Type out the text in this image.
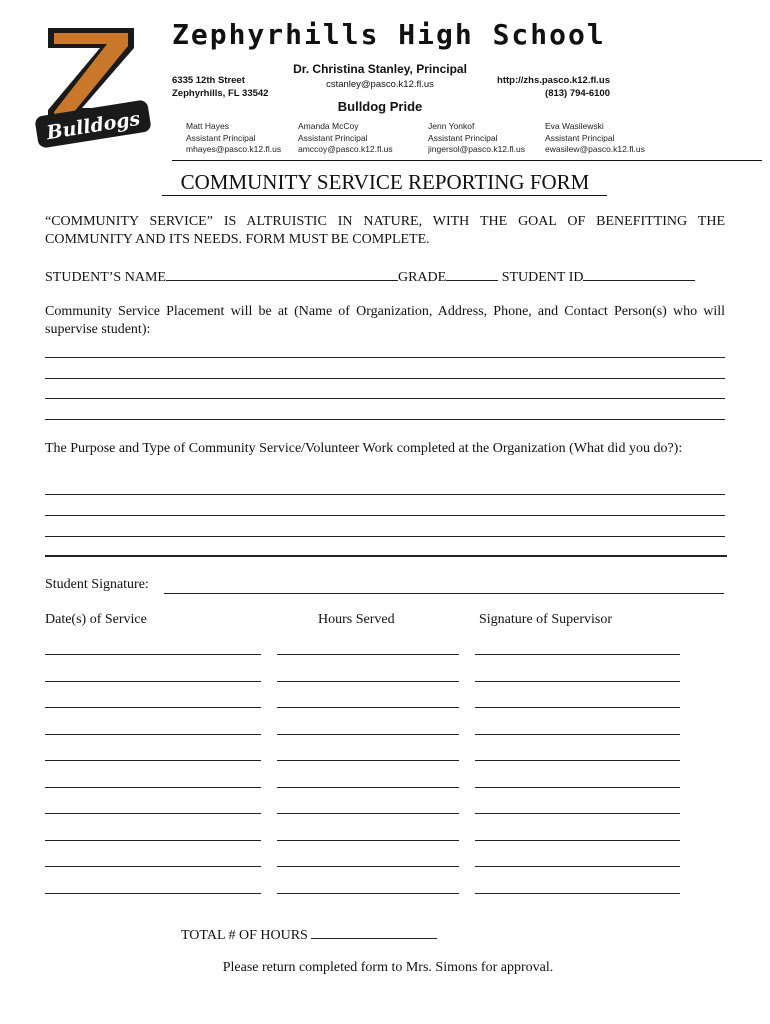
Bulldogs
Zephyrhills High School
6335 12th Street
Zephyrhills, FL 33542
Dr. Christina Stanley, Principal
cstanley@pasco.k12.fl.us
Bulldog Pride
http://zhs.pasco.k12.fl.us
(813) 794-6100
Matt Hayes
Assistant Principal
mhayes@pasco.k12.fl.us
Amanda McCoy
Assistant Principal
amccoy@pasco.k12.fl.us
Jenn Yonkof
Assistant Principal
jingersol@pasco.k12.fl.us
Eva Wasilewski
Assistant Principal
ewasilew@pasco.k12.fl.us
COMMUNITY SERVICE REPORTING FORM
“COMMUNITY SERVICE” IS ALTRUISTIC IN NATURE, WITH THE GOAL OF BENEFITTING THE COMMUNITY AND ITS NEEDS. FORM MUST BE COMPLETE.
STUDENT’S NAME	GRADE	STUDENT ID
Community Service Placement will be at (Name of Organization, Address, Phone, and Contact Person(s) who will supervise student):
The Purpose and Type of Community Service/Volunteer Work completed at the Organization (What did you do?):
Student Signature:
Date(s) of Service	Hours Served	Signature of Supervisor
TOTAL # OF HOURS
Please return completed form to Mrs. Simons for approval.
